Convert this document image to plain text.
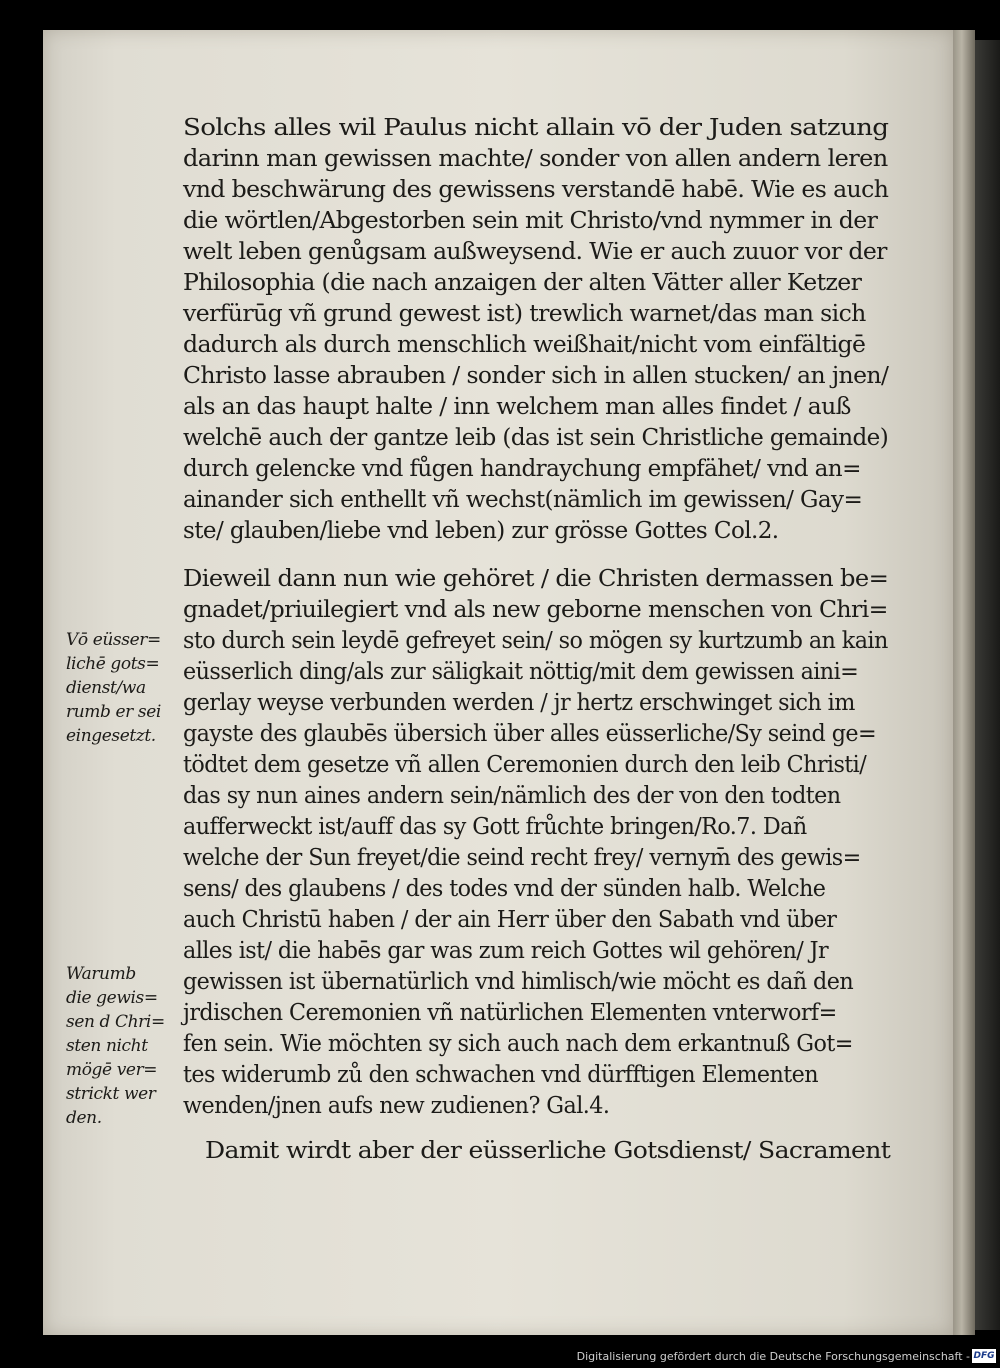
Solchs alles wil Paulus nicht allain vō der Juden satzung
darinn man gewissen machte/ sonder von allen andern leren
vnd beschwärung des gewissens verstandē habē. Wie es auch
die wörtlen/Abgestorben sein mit Christo/vnd nymmer in der
welt leben genůgsam außweysend. Wie er auch zuuor vor der
Philosophia (die nach anzaigen der alten Vätter aller Ketzer
verfürūg vñ grund gewest ist) trewlich warnet/das man sich
dadurch als durch menschlich weißhait/nicht vom einfältigē
Christo lasse abrauben / sonder sich in allen stucken/ an jnen/
als an das haupt halte / inn welchem man alles findet / auß
welchē auch der gantze leib (das ist sein Christliche gemainde)
durch gelencke vnd fůgen handraychung empfähet/ vnd an=
ainander sich enthellt vñ wechst(nämlich im gewissen/ Gay=
ste/ glauben/liebe vnd leben) zur grösse Gottes Col.2.
Dieweil dann nun wie gehöret / die Christen dermassen be=
gnadet/priuilegiert vnd als new geborne menschen von Chri=
sto durch sein leydē gefreyet sein/ so mögen sy kurtzumb an kain
eüsserlich ding/als zur säligkait nöttig/mit dem gewissen aini=
gerlay weyse verbunden werden / jr hertz erschwinget sich im
gayste des glaubēs übersich über alles eüsserliche/Sy seind ge=
tödtet dem gesetze vñ allen Ceremonien durch den leib Christi/
das sy nun aines andern sein/nämlich des der von den todten
aufferweckt ist/auff das sy Gott frůchte bringen/Ro.7. Dañ
welche der Sun freyet/die seind recht frey/ vernym̄ des gewis=
sens/ des glaubens / des todes vnd der sünden halb. Welche
auch Christū haben / der ain Herr über den Sabath vnd über
alles ist/ die habēs gar was zum reich Gottes wil gehören/ Jr
gewissen ist übernatürlich vnd himlisch/wie möcht es dañ den
jrdischen Ceremonien vñ natürlichen Elementen vnterworf=
fen sein. Wie möchten sy sich auch nach dem erkantnuß Got=
tes widerumb zů den schwachen vnd dürfftigen Elementen
wenden/jnen aufs new zudienen? Gal.4.
Damit wirdt aber der eüsserliche Gotsdienst/ Sacrament
Vō eüsser=
lichē gots=
dienst/wa
rumb er sei
eingesetzt.
Warumb
die gewis=
sen d Chri=
sten nicht
mögē ver=
strickt wer
den.
Digitalisierung gefördert durch die Deutsche Forschungsgemeinschaft - DFG
